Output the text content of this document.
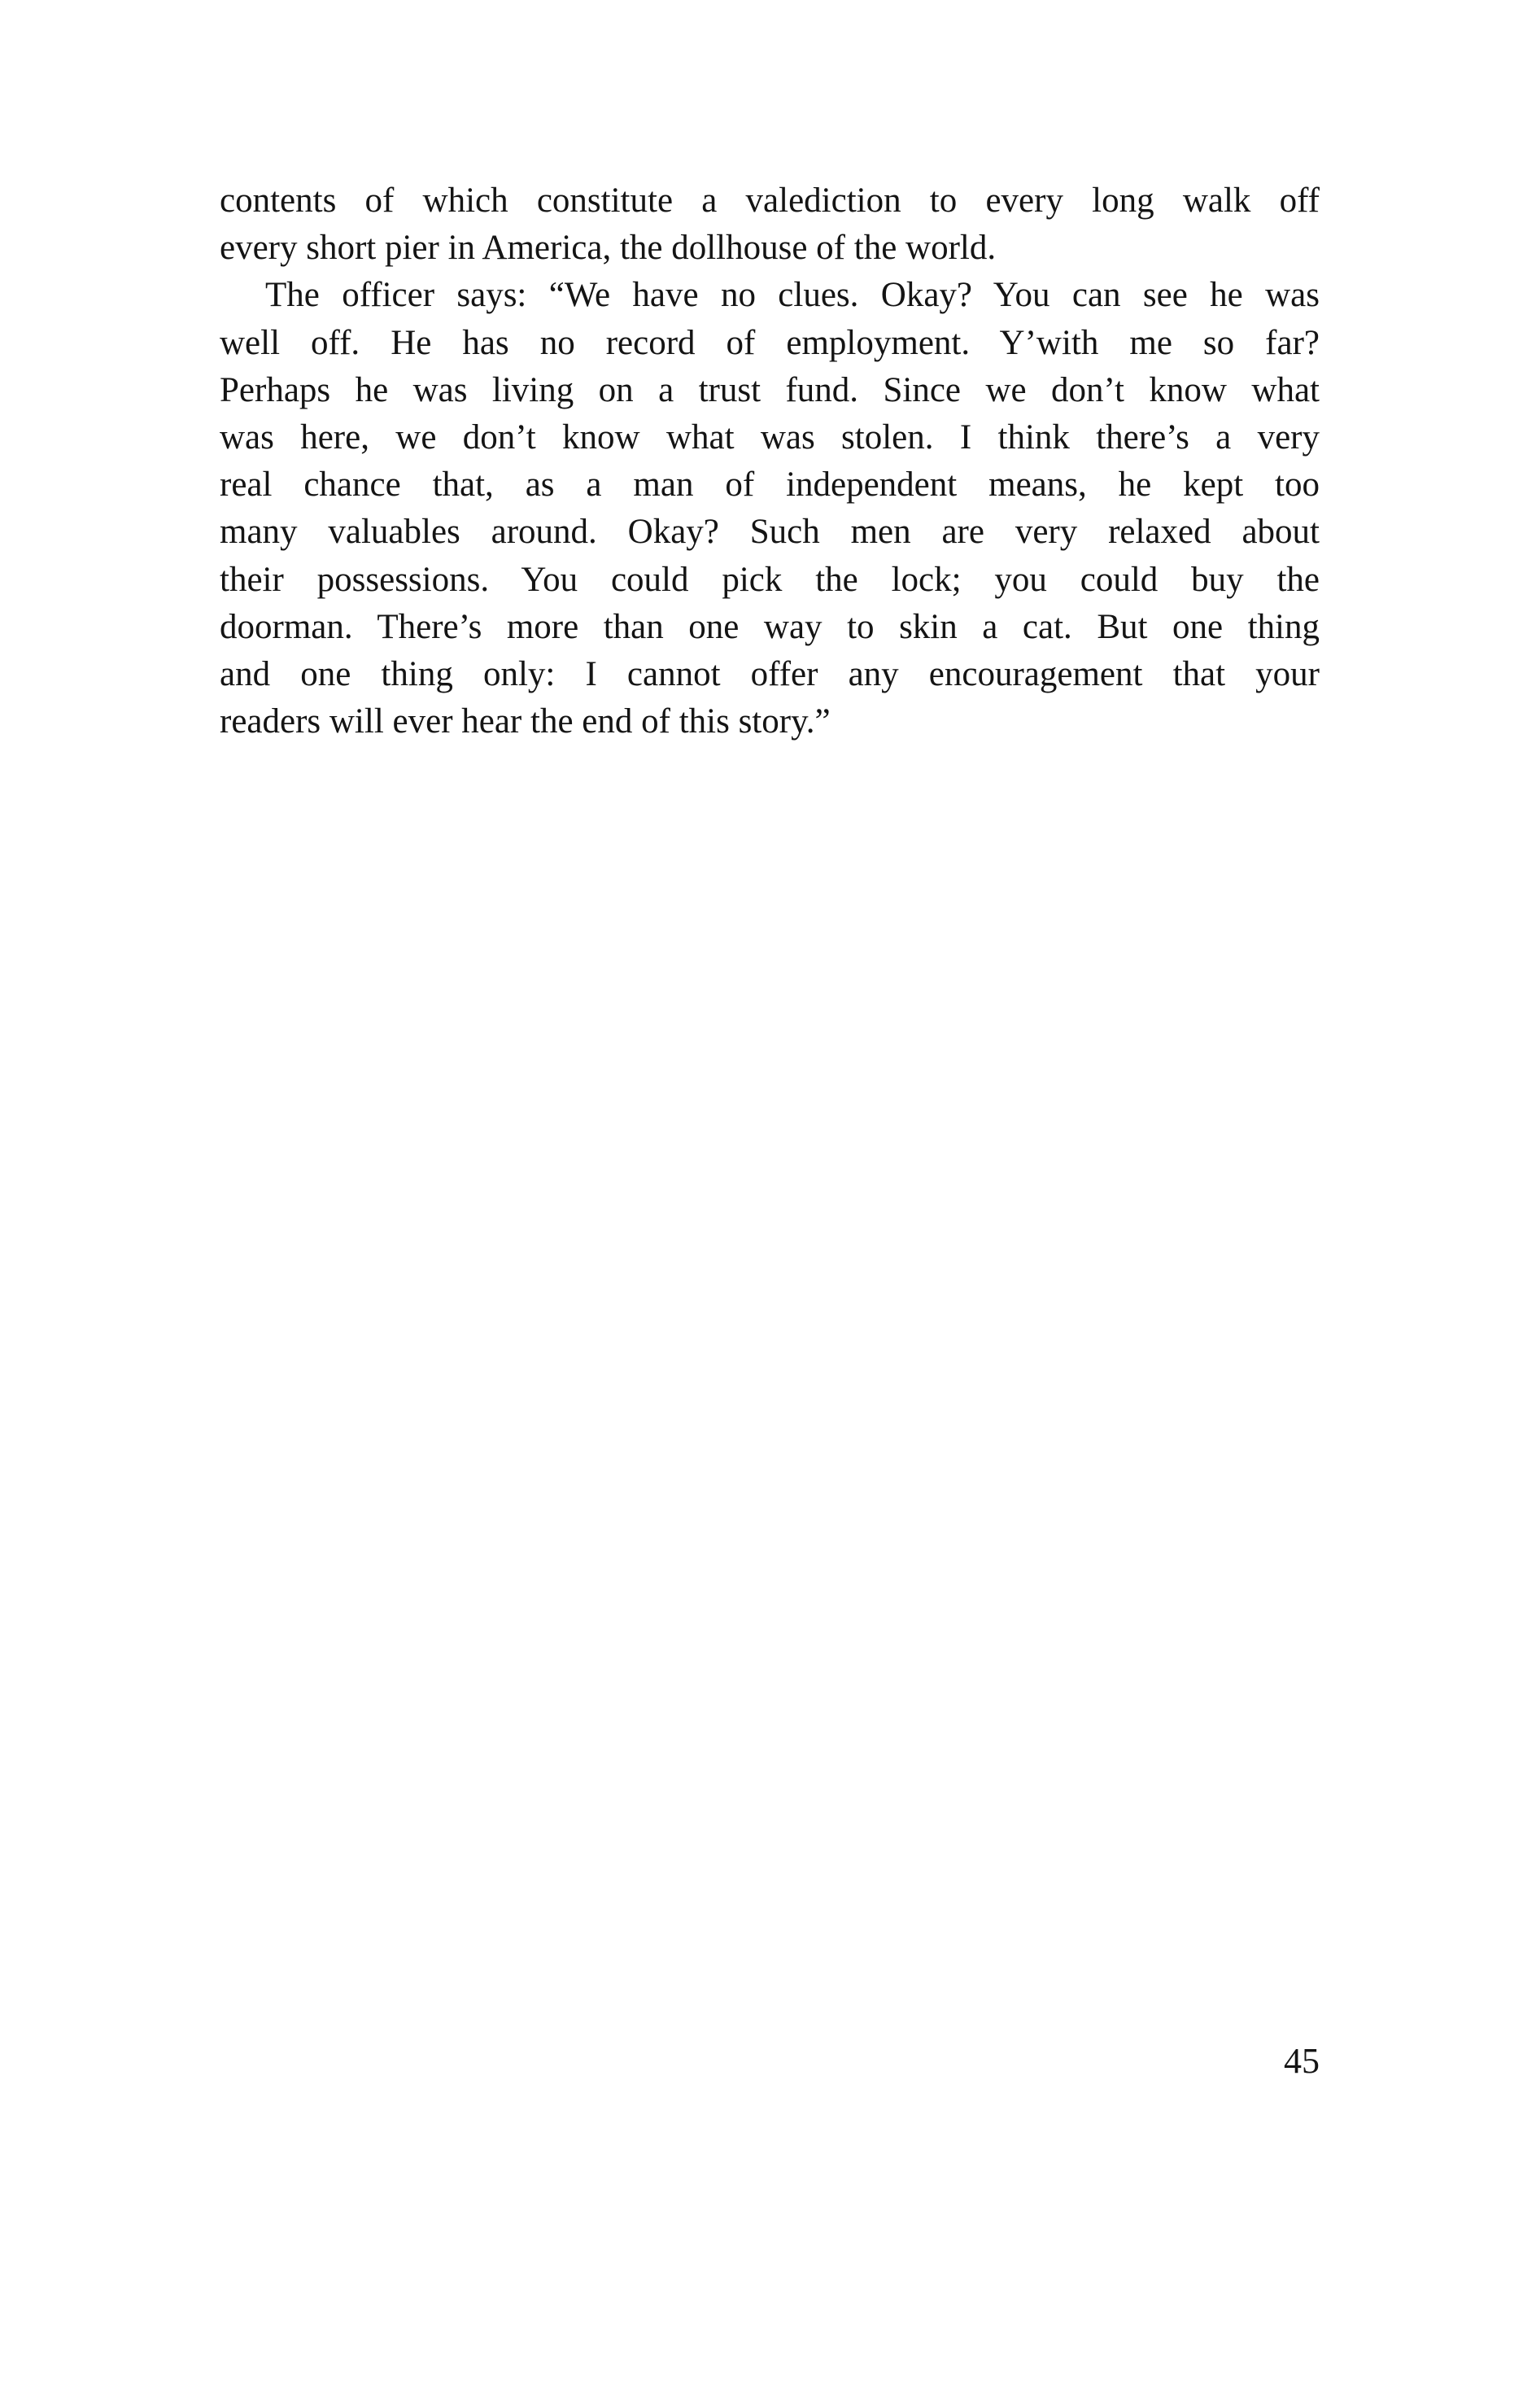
contents of which constitute a valediction to every long walk off
every short pier in America, the dollhouse of the world.
The officer says: “We have no clues. Okay? You can see he was
well off. He has no record of employment. Y’with me so far?
Perhaps he was living on a trust fund. Since we don’t know what
was here, we don’t know what was stolen. I think there’s a very
real chance that, as a man of independent means, he kept too
many valuables around. Okay? Such men are very relaxed about
their possessions. You could pick the lock; you could buy the
doorman. There’s more than one way to skin a cat. But one thing
and one thing only: I cannot offer any encouragement that your
readers will ever hear the end of this story.”
45
